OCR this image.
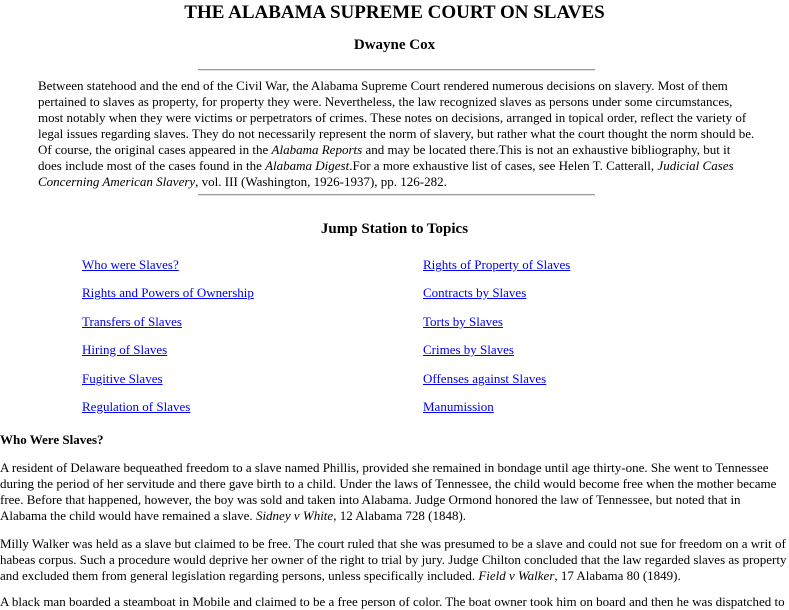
THE ALABAMA SUPREME COURT ON SLAVES
Dwayne Cox
Between statehood and the end of the Civil War, the Alabama Supreme Court rendered numerous decisions on slavery. Most of them pertained to slaves as property, for property they were. Nevertheless, the law recognized slaves as persons under some circumstances, most notably when they were victims or perpetrators of crimes. These notes on decisions, arranged in topical order, reflect the variety of legal issues regarding slaves. They do not necessarily represent the norm of slavery, but rather what the court thought the norm should be. Of course, the original cases appeared in the Alabama Reports and may be located there.This is not an exhaustive bibliography, but it does include most of the cases found in the Alabama Digest.For a more exhaustive list of cases, see Helen T. Catterall, Judicial Cases Concerning American Slavery, vol. III (Washington, 1926-1937), pp. 126-282.
Jump Station to Topics
Who were Slaves?
Rights and Powers of Ownership
Transfers of Slaves
Hiring of Slaves
Fugitive Slaves
Regulation of Slaves
Rights of Property of Slaves
Contracts by Slaves
Torts by Slaves
Crimes by Slaves
Offenses against Slaves
Manumission
Who Were Slaves?
A resident of Delaware bequeathed freedom to a slave named Phillis, provided she remained in bondage until age thirty-one. She went to Tennessee during the period of her servitude and there gave birth to a child. Under the laws of Tennessee, the child would become free when the mother became free. Before that happened, however, the boy was sold and taken into Alabama. Judge Ormond honored the law of Tennessee, but noted that in Alabama the child would have remained a slave. Sidney v White, 12 Alabama 728 (1848).
Milly Walker was held as a slave but claimed to be free. The court ruled that she was presumed to be a slave and could not sue for freedom on a writ of habeas corpus. Such a procedure would deprive her owner of the right to trial by jury. Judge Chilton concluded that the law regarded slaves as property and excluded them from general legislation regarding persons, unless specifically included. Field v Walker, 17 Alabama 80 (1849).
A black man boarded a steamboat in Mobile and claimed to be a free person of color. The boat owner took him on board and then he was dispatched to
